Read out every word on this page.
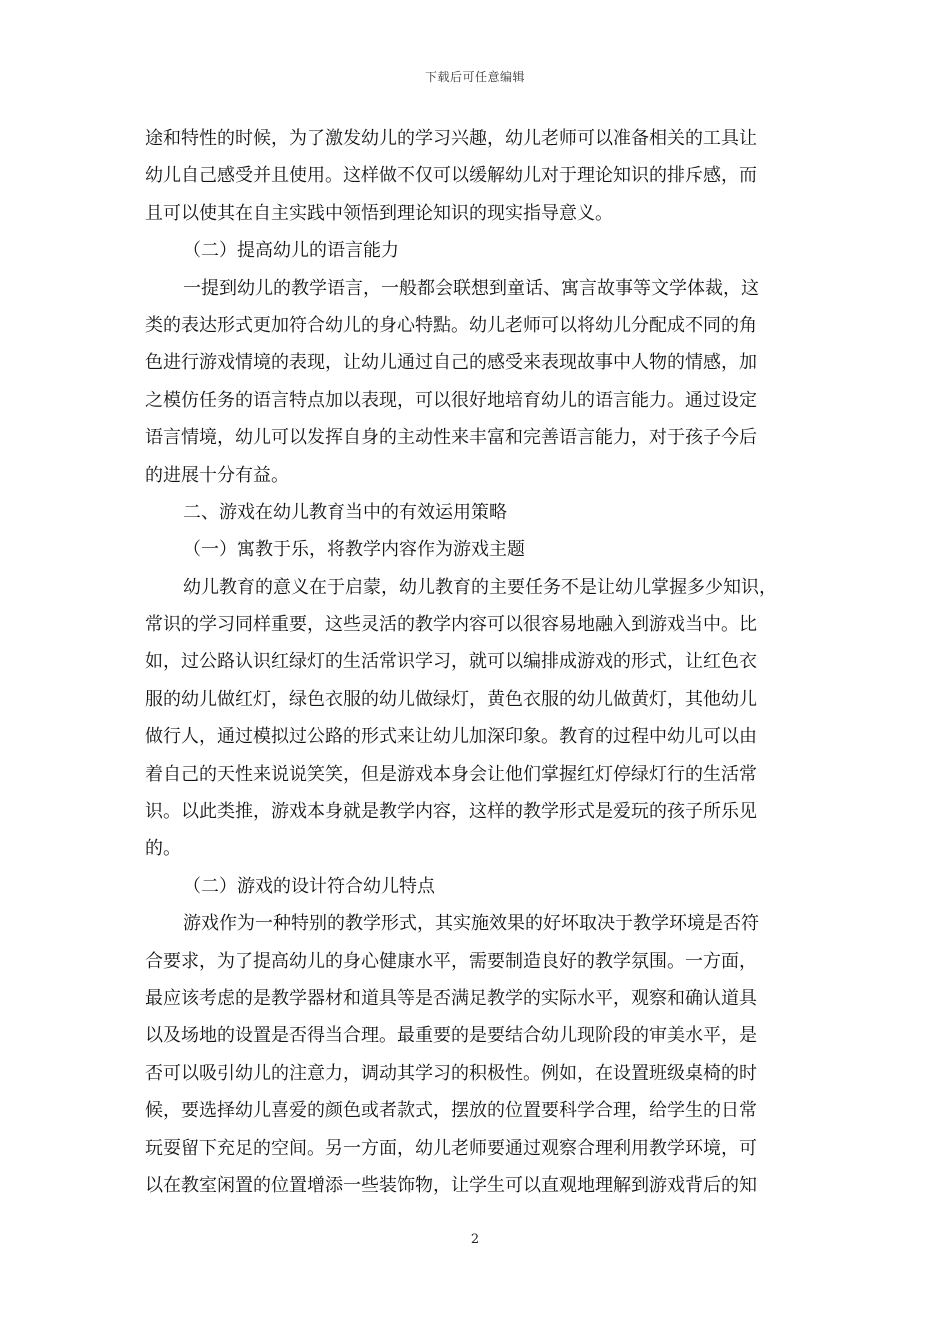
下载后可任意编辑
途和特性的时候，为了激发幼儿的学习兴趣，幼儿老师可以准备相关的工具让
幼儿自己感受并且使用。这样做不仅可以缓解幼儿对于理论知识的排斥感，而
且可以使其在自主实践中领悟到理论知识的现实指导意义。
（二）提高幼儿的语言能力
一提到幼儿的教学语言，一般都会联想到童话、寓言故事等文学体裁，这
类的表达形式更加符合幼儿的身心特點。幼儿老师可以将幼儿分配成不同的角
色进行游戏情境的表现，让幼儿通过自己的感受来表现故事中人物的情感，加
之模仿任务的语言特点加以表现，可以很好地培育幼儿的语言能力。通过设定
语言情境，幼儿可以发挥自身的主动性来丰富和完善语言能力，对于孩子今后
的进展十分有益。
二、游戏在幼儿教育当中的有效运用策略
（一）寓教于乐，将教学内容作为游戏主题
幼儿教育的意义在于启蒙，幼儿教育的主要任务不是让幼儿掌握多少知识，
常识的学习同样重要，这些灵活的教学内容可以很容易地融入到游戏当中。比
如，过公路认识红绿灯的生活常识学习，就可以编排成游戏的形式，让红色衣
服的幼儿做红灯，绿色衣服的幼儿做绿灯，黄色衣服的幼儿做黄灯，其他幼儿
做行人，通过模拟过公路的形式来让幼儿加深印象。教育的过程中幼儿可以由
着自己的天性来说说笑笑，但是游戏本身会让他们掌握红灯停绿灯行的生活常
识。以此类推，游戏本身就是教学内容，这样的教学形式是爱玩的孩子所乐见
的。
（二）游戏的设计符合幼儿特点
游戏作为一种特别的教学形式，其实施效果的好坏取决于教学环境是否符
合要求，为了提高幼儿的身心健康水平，需要制造良好的教学氛围。一方面，
最应该考虑的是教学器材和道具等是否满足教学的实际水平，观察和确认道具
以及场地的设置是否得当合理。最重要的是要结合幼儿现阶段的审美水平，是
否可以吸引幼儿的注意力，调动其学习的积极性。例如，在设置班级桌椅的时
候，要选择幼儿喜爱的颜色或者款式，摆放的位置要科学合理，给学生的日常
玩耍留下充足的空间。另一方面，幼儿老师要通过观察合理利用教学环境，可
以在教室闲置的位置增添一些装饰物，让学生可以直观地理解到游戏背后的知
2
